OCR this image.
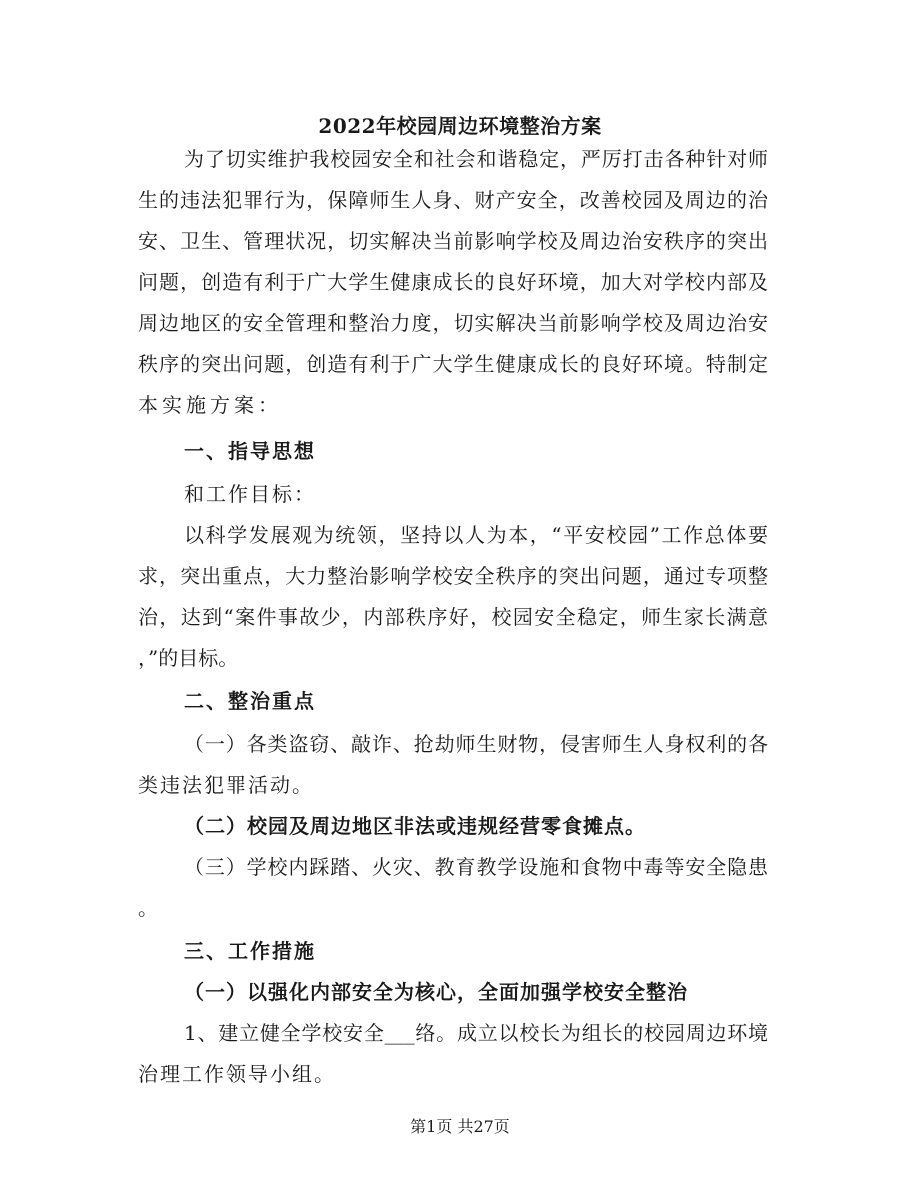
2022年校园周边环境整治方案
为了切实维护我校园安全和社会和谐稳定，严厉打击各种针对师
生的违法犯罪行为，保障师生人身、财产安全，改善校园及周边的治
安、卫生、管理状况，切实解决当前影响学校及周边治安秩序的突出
问题，创造有利于广大学生健康成长的良好环境，加大对学校内部及
周边地区的安全管理和整治力度，切实解决当前影响学校及周边治安
秩序的突出问题，创造有利于广大学生健康成长的良好环境。特制定
本实施方案：
一、指导思想
和工作目标：
以科学发展观为统领，坚持以人为本，“平安校园”工作总体要
求，突出重点，大力整治影响学校安全秩序的突出问题，通过专项整
治，达到“案件事故少，内部秩序好，校园安全稳定，师生家长满意
，”的目标。
二、整治重点
（一）各类盗窃、敲诈、抢劫师生财物，侵害师生人身权利的各
类违法犯罪活动。
（二）校园及周边地区非法或违规经营零食摊点。
（三）学校内踩踏、火灾、教育教学设施和食物中毒等安全隐患
。
三、工作措施
（一）以强化内部安全为核心，全面加强学校安全整治
1、建立健全学校安全___络。成立以校长为组长的校园周边环境
治理工作领导小组。
第1页 共27页
